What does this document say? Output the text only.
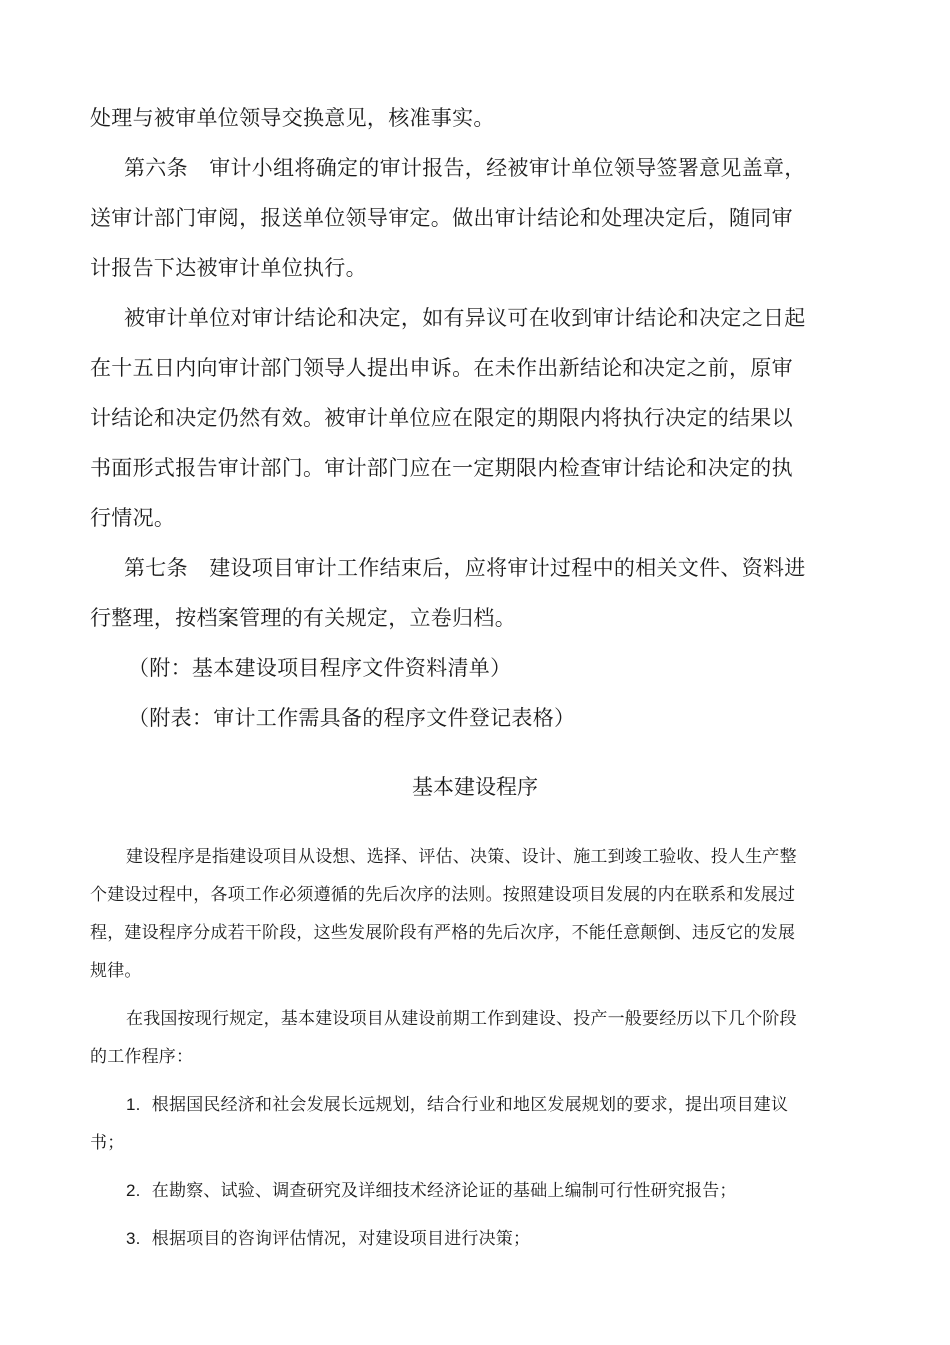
处理与被审单位领导交换意见，核准事实。

第六条　审计小组将确定的审计报告，经被审计单位领导签署意见盖章，送审计部门审阅，报送单位领导审定。做出审计结论和处理决定后，随同审计报告下达被审计单位执行。

被审计单位对审计结论和决定，如有异议可在收到审计结论和决定之日起在十五日内向审计部门领导人提出申诉。在未作出新结论和决定之前，原审计结论和决定仍然有效。被审计单位应在限定的期限内将执行决定的结果以书面形式报告审计部门。审计部门应在一定期限内检查审计结论和决定的执行情况。

第七条　建设项目审计工作结束后，应将审计过程中的相关文件、资料进行整理，按档案管理的有关规定，立卷归档。

（附：基本建设项目程序文件资料清单）

（附表：审计工作需具备的程序文件登记表格）

基本建设程序

建设程序是指建设项目从设想、选择、评估、决策、设计、施工到竣工验收、投人生产整个建设过程中，各项工作必须遵循的先后次序的法则。按照建设项目发展的内在联系和发展过程，建设程序分成若干阶段，这些发展阶段有严格的先后次序，不能任意颠倒、违反它的发展规律。

在我国按现行规定，基本建设项目从建设前期工作到建设、投产一般要经历以下几个阶段的工作程序：

1. 根据国民经济和社会发展长远规划，结合行业和地区发展规划的要求，提出项目建议书；

2. 在勘察、试验、调查研究及详细技术经济论证的基础上编制可行性研究报告；

3. 根据项目的咨询评估情况，对建设项目进行决策；
